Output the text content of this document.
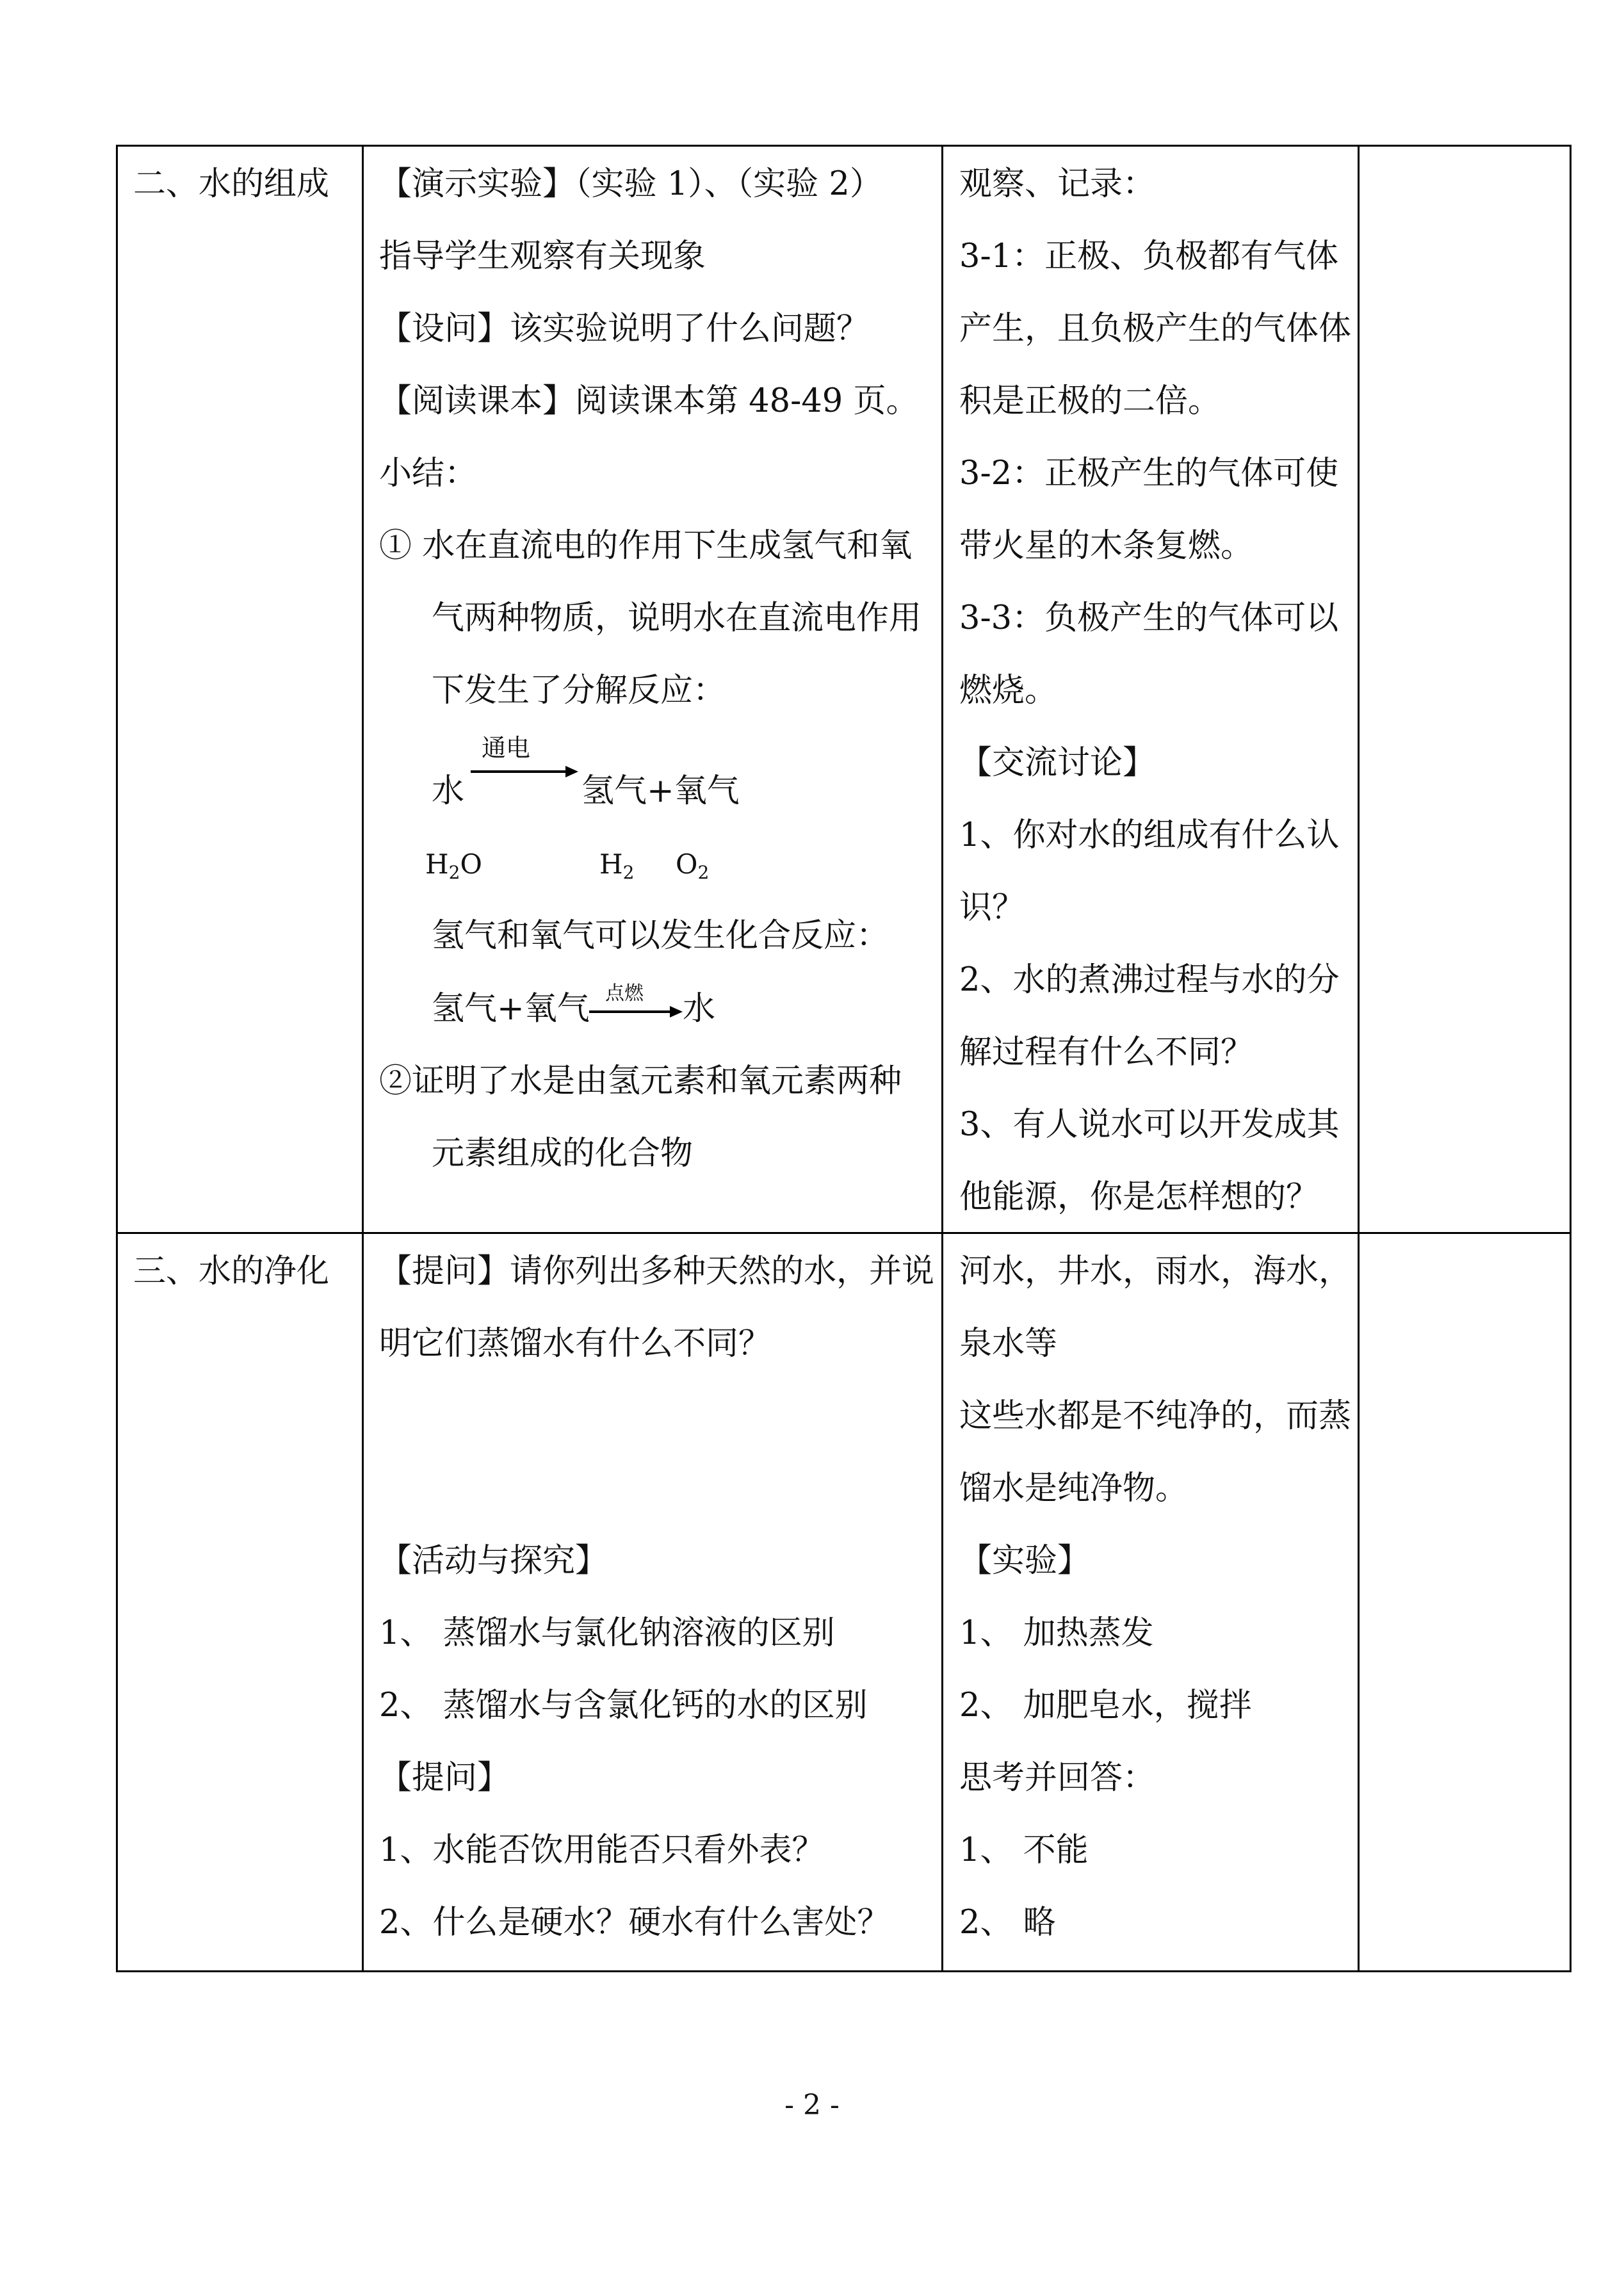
二、水的组成 【演示实验】（实验 1）、（实验 2）
指导学生观察有关现象
【设问】该实验说明了什么问题？
【阅读课本】阅读课本第 48-49 页。
小结：
① 水在直流电的作用下生成氢气和氧
气两种物质，说明水在直流电作用
下发生了分解反应：
通电
水	氢气+氧气
$H_2O$	$H_2$ $O_2$
氢气和氧气可以发生化合反应：
氢气+氧气 点燃 水
②证明了水是由氢元素和氧元素两种
元素组成的化合物
观察、记录：
3-1：正极、负极都有气体
产生，且负极产生的气体体
积是正极的二倍。
3-2：正极产生的气体可使
带火星的木条复燃。
3-3：负极产生的气体可以
燃烧。
【交流讨论】
1、你对水的组成有什么认
识？
2、水的煮沸过程与水的分
解过程有什么不同？
3、有人说水可以开发成其
他能源，你是怎样想的？
三、水的净化 【提问】请你列出多种天然的水，并说
明它们蒸馏水有什么不同？
【活动与探究】
1、 蒸馏水与氯化钠溶液的区别
2、 蒸馏水与含氯化钙的水的区别
【提问】
1、水能否饮用能否只看外表？
2、什么是硬水？硬水有什么害处？
河水，井水，雨水，海水，
泉水等
这些水都是不纯净的，而蒸
馏水是纯净物。
【实验】
1、 加热蒸发
2、 加肥皂水，搅拌
思考并回答：
1、 不能
2、 略
- 2 -
